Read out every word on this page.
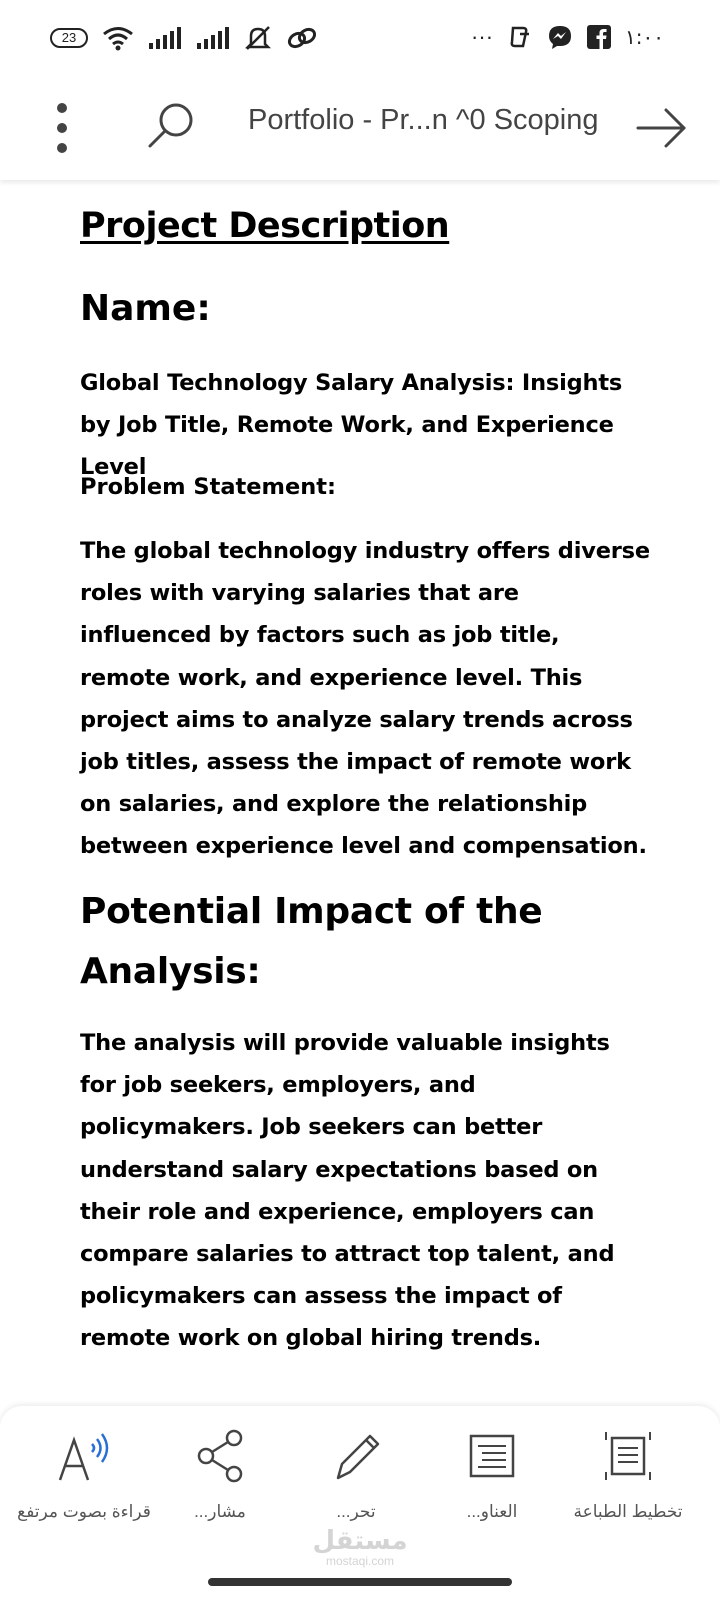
23	···	١:٠٠
Portfolio - Pr...n ^0 Scoping
Project Description
Name:
Global Technology Salary Analysis: Insights by Job Title, Remote Work, and Experience Level
Problem Statement:
The global technology industry offers diverse roles with varying salaries that are influenced by factors such as job title, remote work, and experience level. This project aims to analyze salary trends across job titles, assess the impact of remote work on salaries, and explore the relationship between experience level and compensation.
Potential Impact of the Analysis:
The analysis will provide valuable insights for job seekers, employers, and policymakers. Job seekers can better understand salary expectations based on their role and experience, employers can compare salaries to attract top talent, and policymakers can assess the impact of remote work on global hiring trends.
قراءة بصوت مرتفع	مشار...	تحر...	العناو...	تخطيط الطباعة
مستقل
mostaqi.com
